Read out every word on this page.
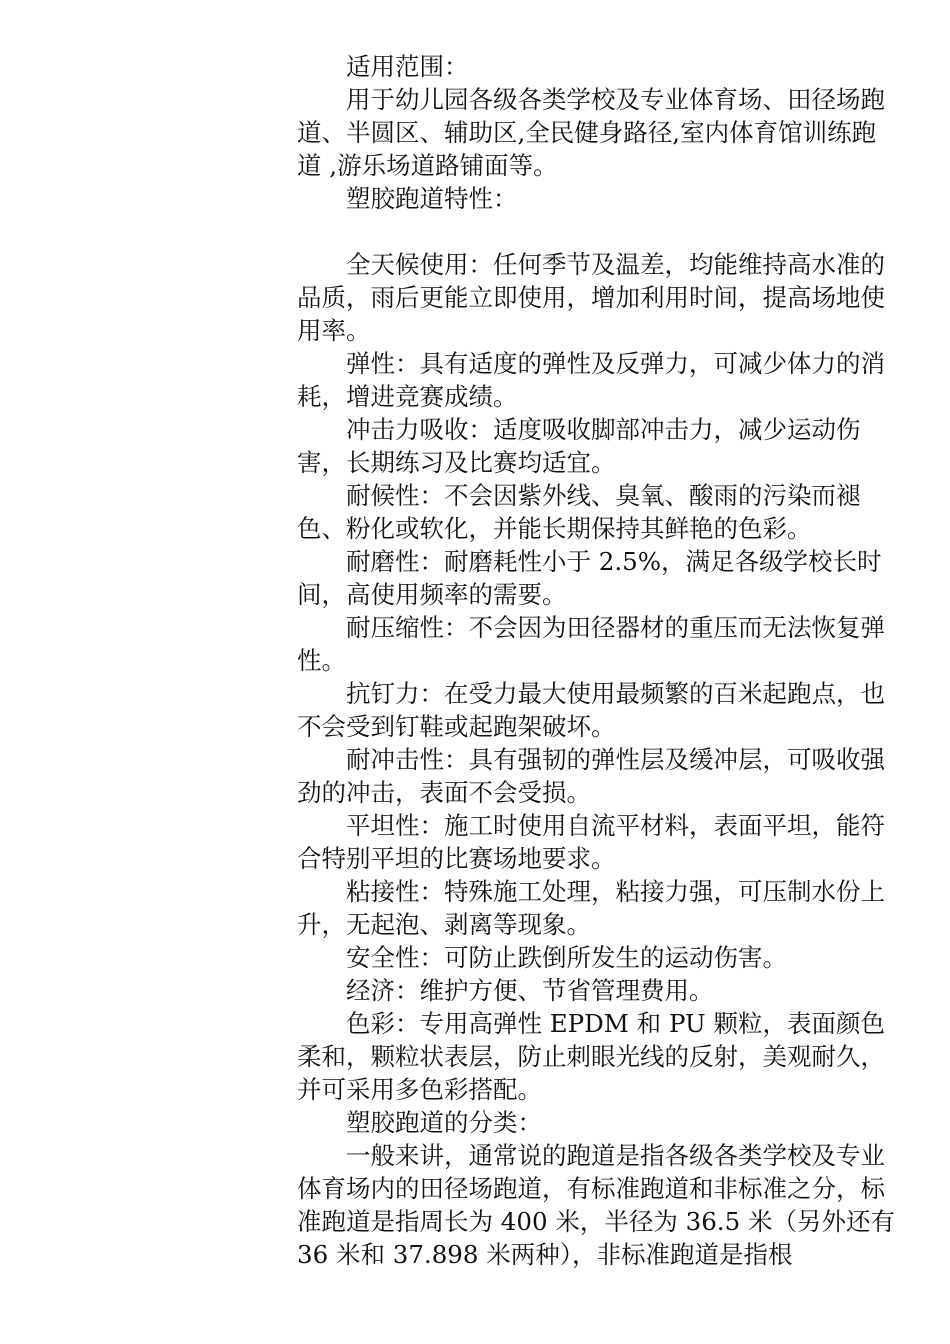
适用范围：

用于幼儿园各级各类学校及专业体育场、田径场跑道、半圆区、辅助区,全民健身路径,室内体育馆训练跑道 ,游乐场道路铺面等。

塑胶跑道特性：

全天候使用：任何季节及温差，均能维持高水准的品质，雨后更能立即使用，增加利用时间，提高场地使用率。

弹性：具有适度的弹性及反弹力，可减少体力的消耗，增进竞赛成绩。

冲击力吸收：适度吸收脚部冲击力，减少运动伤害，长期练习及比赛均适宜。

耐候性：不会因紫外线、臭氧、酸雨的污染而褪色、粉化或软化，并能长期保持其鲜艳的色彩。

耐磨性：耐磨耗性小于 2.5%，满足各级学校长时间，高使用频率的需要。

耐压缩性：不会因为田径器材的重压而无法恢复弹性。

抗钉力：在受力最大使用最频繁的百米起跑点，也不会受到钉鞋或起跑架破坏。

耐冲击性：具有强韧的弹性层及缓冲层，可吸收强劲的冲击，表面不会受损。

平坦性：施工时使用自流平材料，表面平坦，能符合特别平坦的比赛场地要求。

粘接性：特殊施工处理，粘接力强，可压制水份上升，无起泡、剥离等现象。

安全性：可防止跌倒所发生的运动伤害。

经济：维护方便、节省管理费用。

色彩：专用高弹性 EPDM 和 PU 颗粒，表面颜色柔和，颗粒状表层，防止刺眼光线的反射，美观耐久，并可采用多色彩搭配。

塑胶跑道的分类：

一般来讲，通常说的跑道是指各级各类学校及专业体育场内的田径场跑道，有标准跑道和非标准之分，标准跑道是指周长为 400 米，半径为 36.5 米（另外还有 36 米和 37.898 米两种），非标准跑道是指根
